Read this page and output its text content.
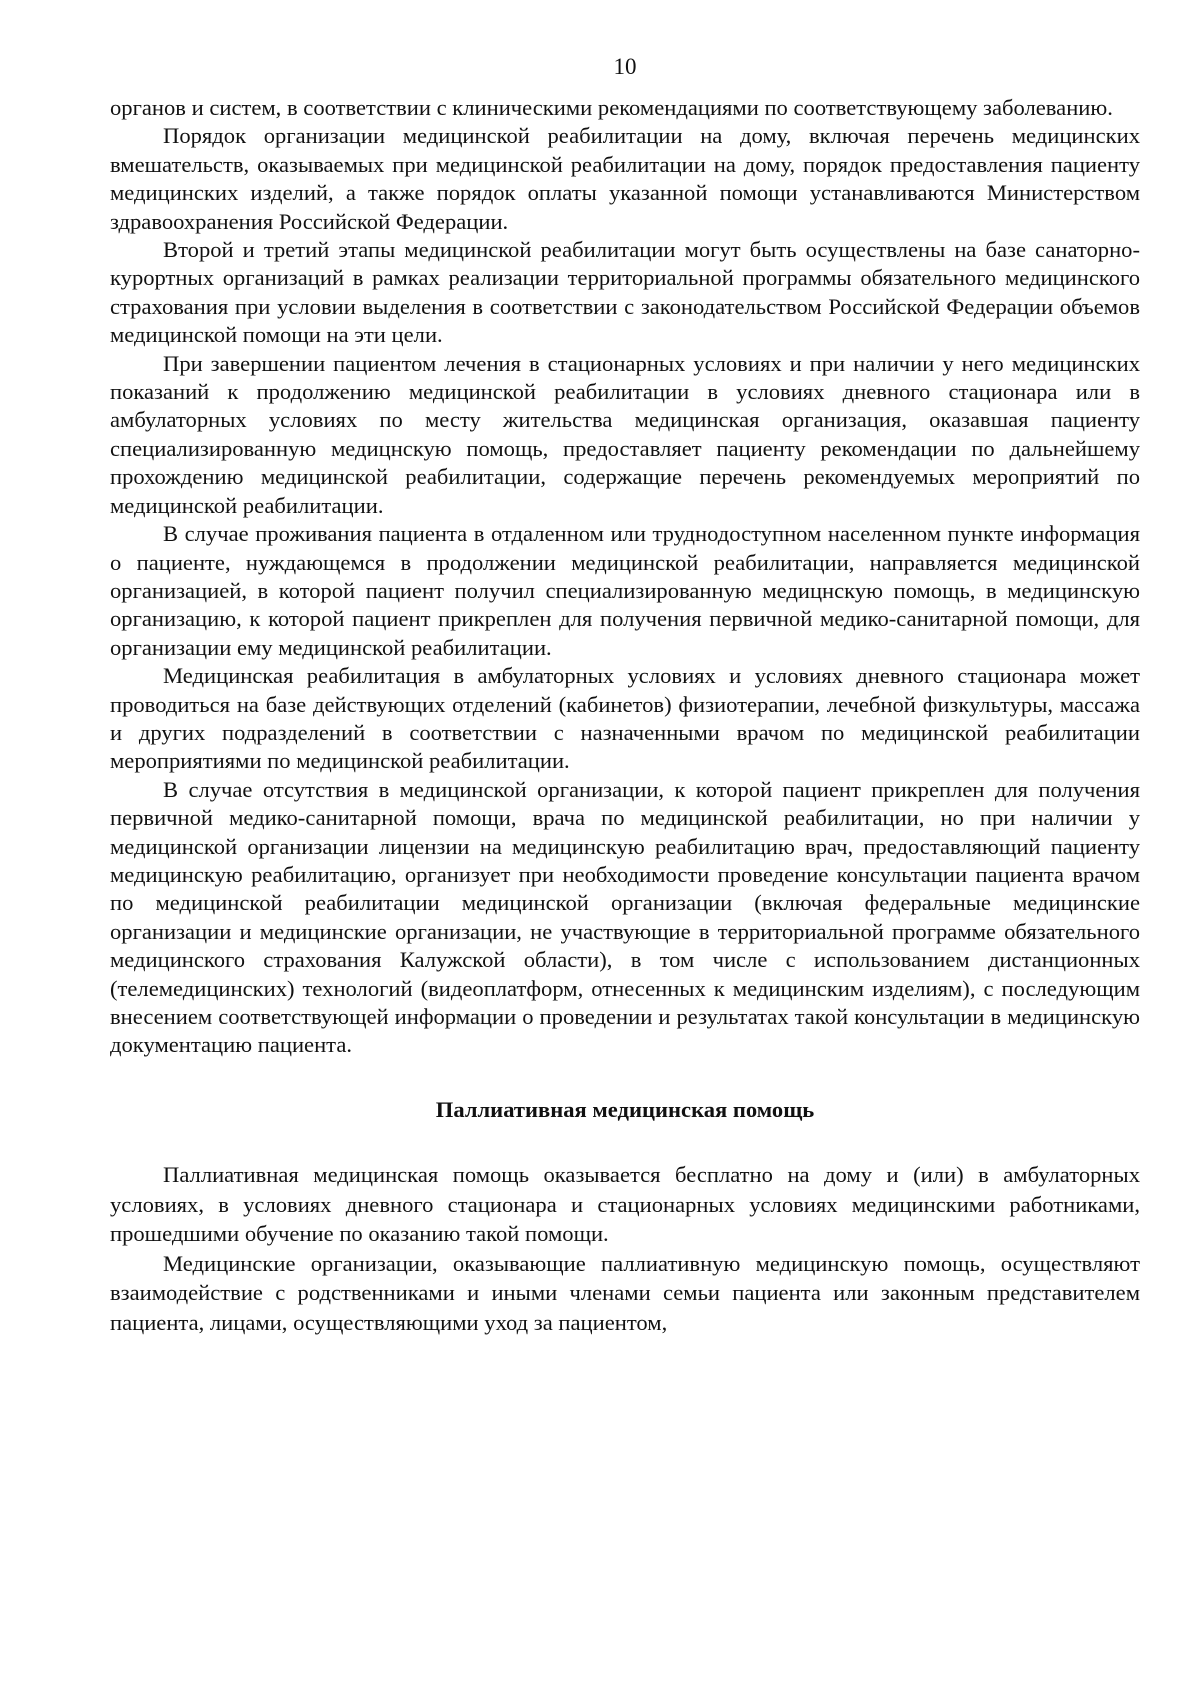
10

органов и систем, в соответствии с клиническими рекомендациями по соответствующему заболеванию.

Порядок организации медицинской реабилитации на дому, включая перечень медицинских вмешательств, оказываемых при медицинской реабилитации на дому, порядок предоставления пациенту медицинских изделий, а также порядок оплаты указанной помощи устанавливаются Министерством здравоохранения Российской Федерации.

Второй и третий этапы медицинской реабилитации могут быть осуществлены на базе санаторно-курортных организаций в рамках реализации территориальной программы обязательного медицинского страхования при условии выделения в соответствии с законодательством Российской Федерации объемов медицинской помощи на эти цели.

При завершении пациентом лечения в стационарных условиях и при наличии у него медицинских показаний к продолжению медицинской реабилитации в условиях дневного стационара или в амбулаторных условиях по месту жительства медицинская организация, оказавшая пациенту специализированную медицнскую помощь, предоставляет пациенту рекомендации по дальнейшему прохождению медицинской реабилитации, содержащие перечень рекомендуемых мероприятий по медицинской реабилитации.

В случае проживания пациента в отдаленном или труднодоступном населенном пункте информация о пациенте, нуждающемся в продолжении медицинской реабилитации, направляется медицинской организацией, в которой пациент получил специализированную медицнскую помощь, в медицинскую организацию, к которой пациент прикреплен для получения первичной медико-санитарной помощи, для организации ему медицинской реабилитации.

Медицинская реабилитация в амбулаторных условиях и условиях дневного стационара может проводиться на базе действующих отделений (кабинетов) физиотерапии, лечебной физкультуры, массажа и других подразделений в соответствии с назначенными врачом по медицинской реабилитации мероприятиями по медицинской реабилитации.

В случае отсутствия в медицинской организации, к которой пациент прикреплен для получения первичной медико-санитарной помощи, врача по медицинской реабилитации, но при наличии у медицинской организации лицензии на медицинскую реабилитацию врач, предоставляющий пациенту медицинскую реабилитацию, организует при необходимости проведение консультации пациента врачом по медицинской реабилитации медицинской организации (включая федеральные медицинские организации и медицинские организации, не участвующие в территориальной программе обязательного медицинского страхования Калужской области), в том числе с использованием дистанционных (телемедицинских) технологий (видеоплатформ, отнесенных к медицинским изделиям), с последующим внесением соответствующей информации о проведении и результатах такой консультации в медицинскую документацию пациента.

Паллиативная медицинская помощь

Паллиативная медицинская помощь оказывается бесплатно на дому и (или) в амбулаторных условиях, в условиях дневного стационара и стационарных условиях медицинскими работниками, прошедшими обучение по оказанию такой помощи.

Медицинские организации, оказывающие паллиативную медицинскую помощь, осуществляют взаимодействие с родственниками и иными членами семьи пациента или законным представителем пациента, лицами, осуществляющими уход за пациентом,
